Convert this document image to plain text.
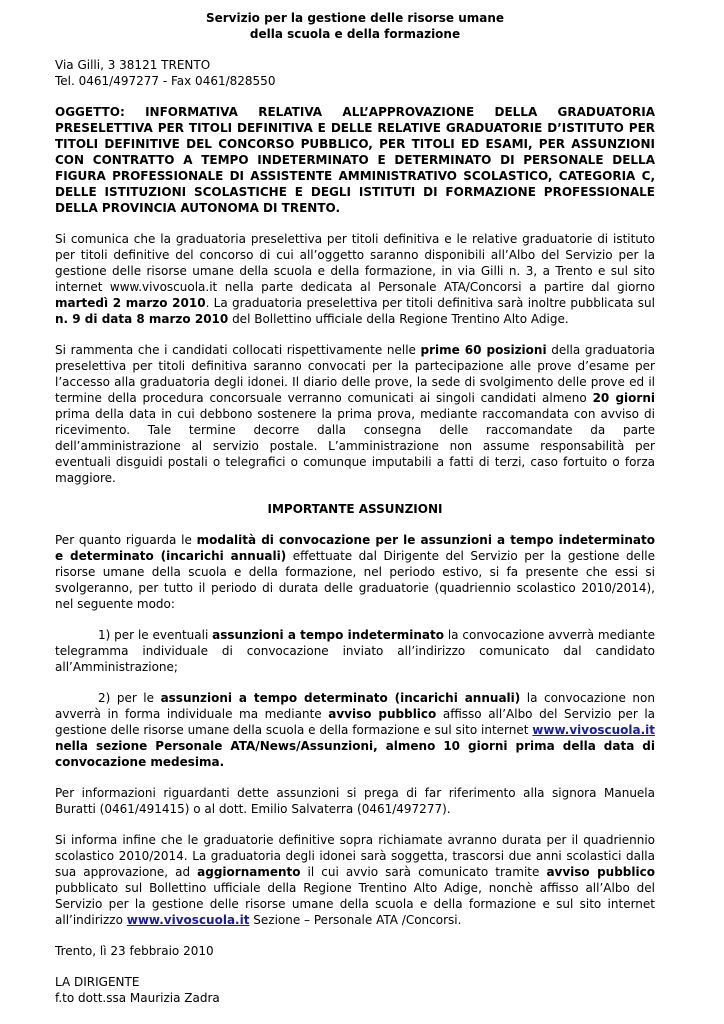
Servizio per la gestione delle risorse umane
della scuola e della formazione
Via Gilli, 3 38121 TRENTO
Tel. 0461/497277 - Fax 0461/828550
OGGETTO: INFORMATIVA RELATIVA ALL’APPROVAZIONE DELLA GRADUATORIA PRESELETTIVA PER TITOLI DEFINITIVA E DELLE RELATIVE GRADUATORIE D’ISTITUTO PER TITOLI DEFINITIVE DEL CONCORSO PUBBLICO, PER TITOLI ED ESAMI, PER ASSUNZIONI CON CONTRATTO A TEMPO INDETERMINATO E DETERMINATO DI PERSONALE DELLA FIGURA PROFESSIONALE DI ASSISTENTE AMMINISTRATIVO SCOLASTICO, CATEGORIA C, DELLE ISTITUZIONI SCOLASTICHE E DEGLI ISTITUTI DI FORMAZIONE PROFESSIONALE DELLA PROVINCIA AUTONOMA DI TRENTO.

Si comunica che la graduatoria preselettiva per titoli definitiva e le relative graduatorie di istituto per titoli definitive del concorso di cui all’oggetto saranno disponibili all’Albo del Servizio per la gestione delle risorse umane della scuola e della formazione, in via Gilli n. 3, a Trento e sul sito internet www.vivoscuola.it nella parte dedicata al Personale ATA/Concorsi a partire dal giorno martedì 2 marzo 2010. La graduatoria preselettiva per titoli definitiva sarà inoltre pubblicata sul n. 9 di data 8 marzo 2010 del Bollettino ufficiale della Regione Trentino Alto Adige.

Si rammenta che i candidati collocati rispettivamente nelle prime 60 posizioni della graduatoria preselettiva per titoli definitiva saranno convocati per la partecipazione alle prove d’esame per l’accesso alla graduatoria degli idonei. Il diario delle prove, la sede di svolgimento delle prove ed il termine della procedura concorsuale verranno comunicati ai singoli candidati almeno 20 giorni prima della data in cui debbono sostenere la prima prova, mediante raccomandata con avviso di ricevimento. Tale termine decorre dalla consegna delle raccomandate da parte dell’amministrazione al servizio postale. L’amministrazione non assume responsabilità per eventuali disguidi postali o telegrafici o comunque imputabili a fatti di terzi, caso fortuito o forza maggiore.

IMPORTANTE ASSUNZIONI

Per quanto riguarda le modalità di convocazione per le assunzioni a tempo indeterminato e determinato (incarichi annuali) effettuate dal Dirigente del Servizio per la gestione delle risorse umane della scuola e della formazione, nel periodo estivo, si fa presente che essi si svolgeranno, per tutto il periodo di durata delle graduatorie (quadriennio scolastico 2010/2014), nel seguente modo:

1) per le eventuali assunzioni a tempo indeterminato la convocazione avverrà mediante telegramma individuale di convocazione inviato all’indirizzo comunicato dal candidato all’Amministrazione;

2) per le assunzioni a tempo determinato (incarichi annuali) la convocazione non avverrà in forma individuale ma mediante avviso pubblico affisso all’Albo del Servizio per la gestione delle risorse umane della scuola e della formazione e sul sito internet www.vivoscuola.it nella sezione Personale ATA/News/Assunzioni, almeno 10 giorni prima della data di convocazione medesima.

Per informazioni riguardanti dette assunzioni si prega di far riferimento alla signora Manuela Buratti (0461/491415) o al dott. Emilio Salvaterra (0461/497277).

Si informa infine che le graduatorie definitive sopra richiamate avranno durata per il quadriennio scolastico 2010/2014. La graduatoria degli idonei sarà soggetta, trascorsi due anni scolastici dalla sua approvazione, ad aggiornamento il cui avvio sarà comunicato tramite avviso pubblico pubblicato sul Bollettino ufficiale della Regione Trentino Alto Adige, nonchè affisso all’Albo del Servizio per la gestione delle risorse umane della scuola e della formazione e sul sito internet all’indirizzo www.vivoscuola.it Sezione – Personale ATA /Concorsi.

Trento, lì 23 febbraio 2010

LA DIRIGENTE
f.to dott.ssa Maurizia Zadra
